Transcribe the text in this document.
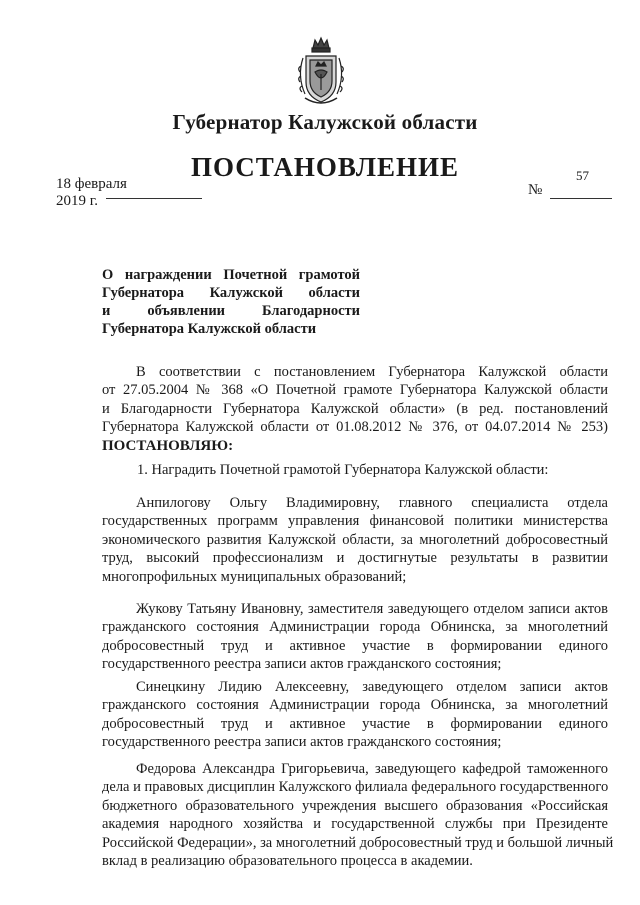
Губернатор Калужской области
ПОСТАНОВЛЕНИЕ
18 февраля 2019 г.
№
57
О награждении Почетной грамотой
Губернатора Калужской области
и объявлении Благодарности
Губернатора Калужской области
В соответствии с постановлением Губернатора Калужской области
от 27.05.2004 № 368 «О Почетной грамоте Губернатора Калужской области
и Благодарности Губернатора Калужской области» (в ред. постановлений
Губернатора Калужской области от 01.08.2012 № 376, от 04.07.2014 № 253)
ПОСТАНОВЛЯЮ:
1. Наградить Почетной грамотой Губернатора Калужской области:
Анпилогову Ольгу Владимировну, главного специалиста отдела
государственных программ управления финансовой политики министерства
экономического развития Калужской области, за многолетний добросовестный
труд, высокий профессионализм и достигнутые результаты в развитии
многопрофильных муниципальных образований;
Жукову Татьяну Ивановну, заместителя заведующего отделом записи актов
гражданского состояния Администрации города Обнинска, за многолетний
добросовестный труд и активное участие в формировании единого
государственного реестра записи актов гражданского состояния;
Синецкину Лидию Алексеевну, заведующего отделом записи актов
гражданского состояния Администрации города Обнинска, за многолетний
добросовестный труд и активное участие в формировании единого
государственного реестра записи актов гражданского состояния;
Федорова Александра Григорьевича, заведующего кафедрой таможенного
дела и правовых дисциплин Калужского филиала федерального государственного
бюджетного образовательного учреждения высшего образования «Российская
академия народного хозяйства и государственной службы при Президенте
Российской Федерации», за многолетний добросовестный труд и большой личный
вклад в реализацию образовательного процесса в академии.
